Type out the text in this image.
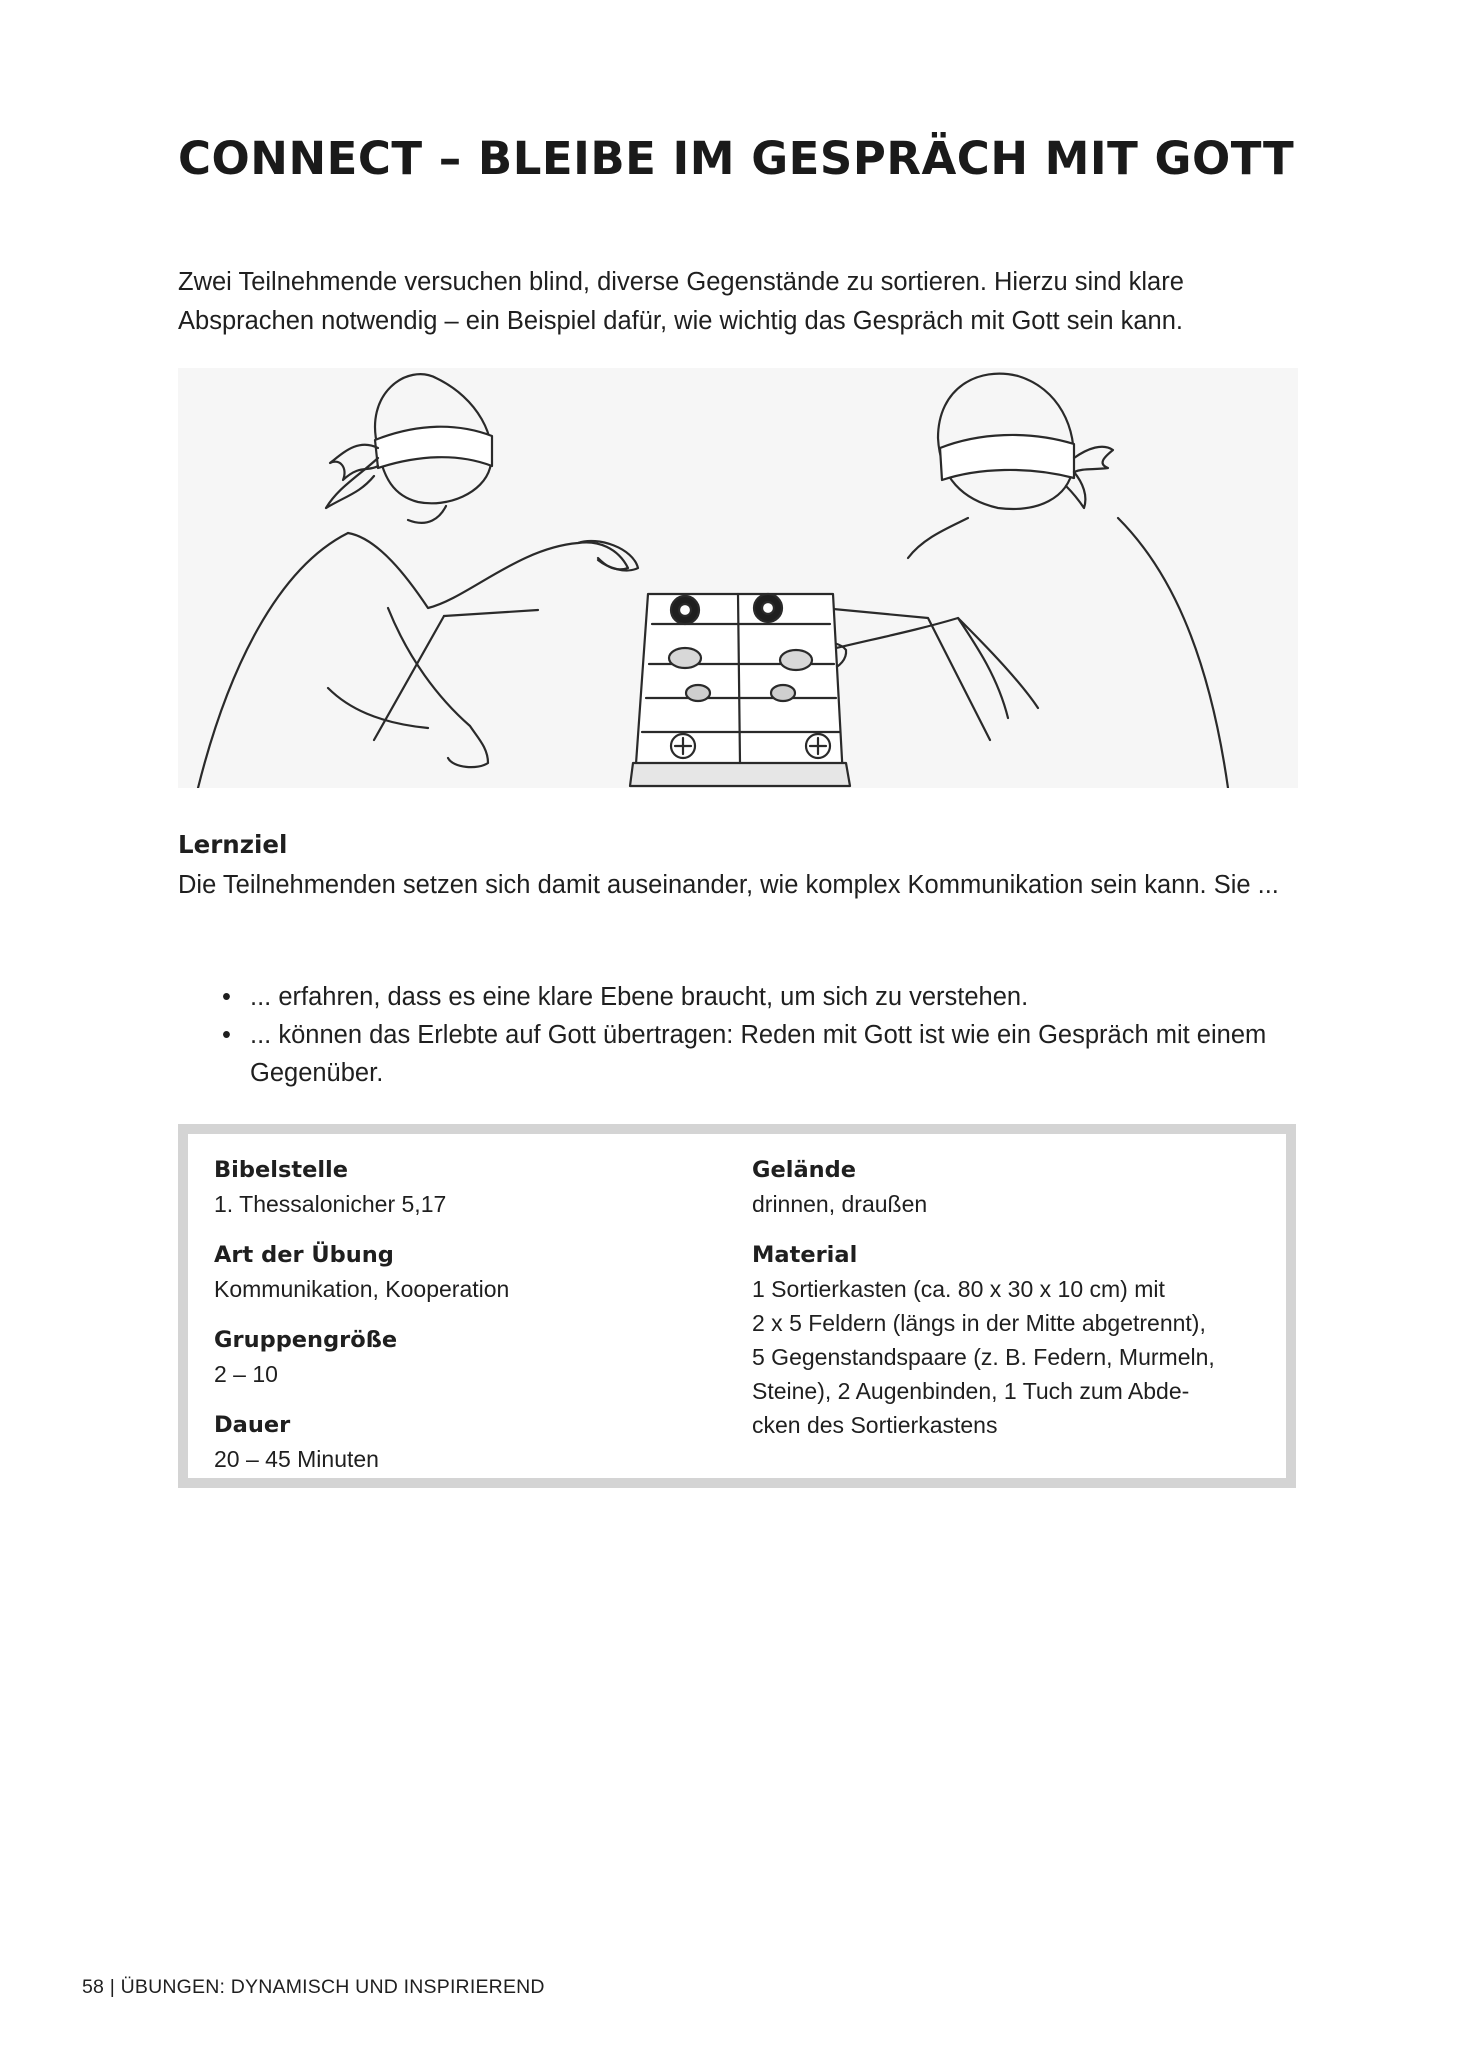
CONNECT – BLEIBE IM GESPRÄCH MIT GOTT
Zwei Teilnehmende versuchen blind, diverse Gegenstände zu sortieren. Hierzu sind klare
Absprachen notwendig – ein Beispiel dafür, wie wichtig das Gespräch mit Gott sein kann.
Lernziel

Die Teilnehmenden setzen sich damit auseinander, wie komplex Kommunikation sein kann. Sie ...

• ... erfahren, dass es eine klare Ebene braucht, um sich zu verstehen.
• ... können das Erlebte auf Gott übertragen: Reden mit Gott ist wie ein Gespräch mit einem Gegenüber.

Bibelstelle

1. Thessalonicher 5,17

Art der Übung

Kommunikation, Kooperation

Gruppengröße

2 – 10

Dauer

20 – 45 Minuten

Gelände

drinnen, draußen

Material

1 Sortierkasten (ca. 80 x 30 x 10 cm) mit
2 x 5 Feldern (längs in der Mitte abgetrennt),
5 Gegenstandspaare (z. B. Federn, Murmeln,
Steine), 2 Augenbinden, 1 Tuch zum Abde-
cken des Sortierkastens
58 | ÜBUNGEN: DYNAMISCH UND INSPIRIEREND
